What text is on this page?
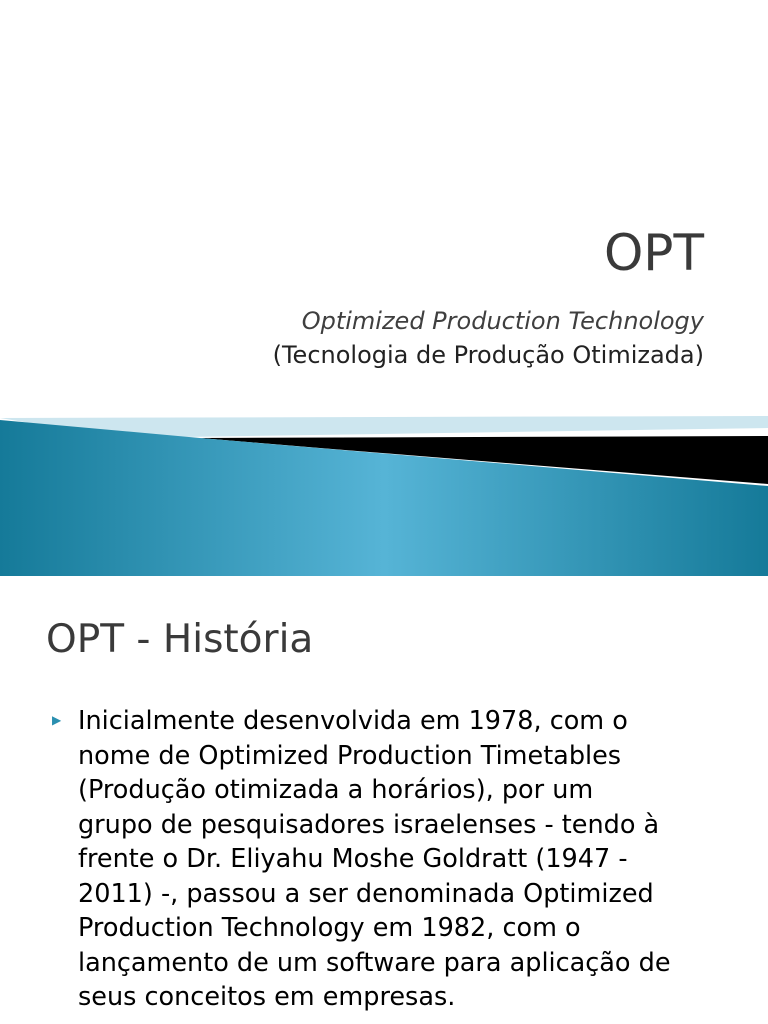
OPT
Optimized Production Technology
(Tecnologia de Produção Otimizada)
OPT - História
▶ Inicialmente desenvolvida em 1978, com o
nome de Optimized Production Timetables
(Produção otimizada a horários), por um
grupo de pesquisadores israelenses - tendo à
frente o Dr. Eliyahu Moshe Goldratt (1947 -
2011) -, passou a ser denominada Optimized
Production Technology em 1982, com o
lançamento de um software para aplicação de
seus conceitos em empresas.
